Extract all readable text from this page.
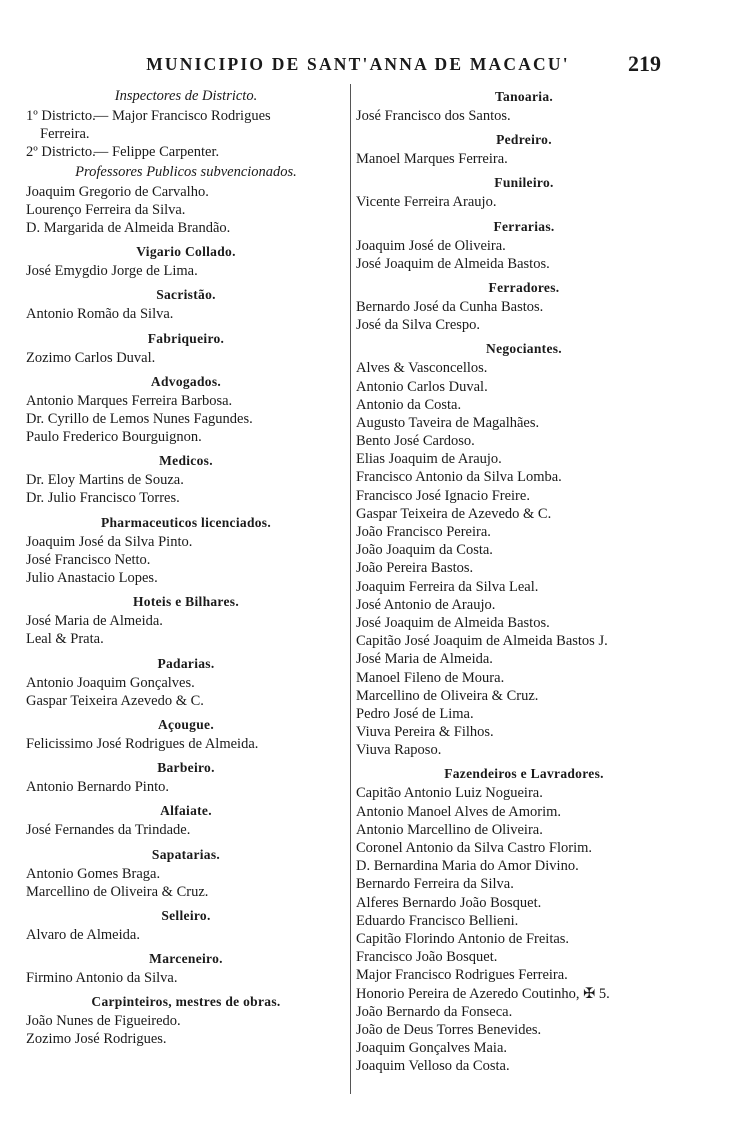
MUNICIPIO DE SANT'ANNA DE MACACU'	219
Inspectores de Districto.
1º Districto.— Major Francisco Rodrigues
Ferreira.
2º Districto.— Felippe Carpenter.
Professores Publicos subvencionados.
Joaquim Gregorio de Carvalho.
Lourenço Ferreira da Silva.
D. Margarida de Almeida Brandão.
Vigario Collado.
José Emygdio Jorge de Lima.
Sacristão.
Antonio Romão da Silva.
Fabriqueiro.
Zozimo Carlos Duval.
Advogados.
Antonio Marques Ferreira Barbosa.
Dr. Cyrillo de Lemos Nunes Fagundes.
Paulo Frederico Bourguignon.
Medicos.
Dr. Eloy Martins de Souza.
Dr. Julio Francisco Torres.
Pharmaceuticos licenciados.
Joaquim José da Silva Pinto.
José Francisco Netto.
Julio Anastacio Lopes.
Hoteis e Bilhares.
José Maria de Almeida.
Leal & Prata.
Padarias.
Antonio Joaquim Gonçalves.
Gaspar Teixeira Azevedo & C.
Açougue.
Felicissimo José Rodrigues de Almeida.
Barbeiro.
Antonio Bernardo Pinto.
Alfaiate.
José Fernandes da Trindade.
Sapatarias.
Antonio Gomes Braga.
Marcellino de Oliveira & Cruz.
Selleiro.
Alvaro de Almeida.
Marceneiro.
Firmino Antonio da Silva.
Carpinteiros, mestres de obras.
João Nunes de Figueiredo.
Zozimo José Rodrigues.
Tanoaria.
José Francisco dos Santos.
Pedreiro.
Manoel Marques Ferreira.
Funileiro.
Vicente Ferreira Araujo.
Ferrarias.
Joaquim José de Oliveira.
José Joaquim de Almeida Bastos.
Ferradores.
Bernardo José da Cunha Bastos.
José da Silva Crespo.
Negociantes.
Alves & Vasconcellos.
Antonio Carlos Duval.
Antonio da Costa.
Augusto Taveira de Magalhães.
Bento José Cardoso.
Elias Joaquim de Araujo.
Francisco Antonio da Silva Lomba.
Francisco José Ignacio Freire.
Gaspar Teixeira de Azevedo & C.
João Francisco Pereira.
João Joaquim da Costa.
João Pereira Bastos.
Joaquim Ferreira da Silva Leal.
José Antonio de Araujo.
José Joaquim de Almeida Bastos.
Capitão José Joaquim de Almeida Bastos J.
José Maria de Almeida.
Manoel Fileno de Moura.
Marcellino de Oliveira & Cruz.
Pedro José de Lima.
Viuva Pereira & Filhos.
Viuva Raposo.
Fazendeiros e Lavradores.
Capitão Antonio Luiz Nogueira.
Antonio Manoel Alves de Amorim.
Antonio Marcellino de Oliveira.
Coronel Antonio da Silva Castro Florim.
D. Bernardina Maria do Amor Divino.
Bernardo Ferreira da Silva.
Alferes Bernardo João Bosquet.
Eduardo Francisco Bellieni.
Capitão Florindo Antonio de Freitas.
Francisco João Bosquet.
Major Francisco Rodrigues Ferreira.
Honorio Pereira de Azeredo Coutinho, ✠ 5.
João Bernardo da Fonseca.
João de Deus Torres Benevides.
Joaquim Gonçalves Maia.
Joaquim Velloso da Costa.
